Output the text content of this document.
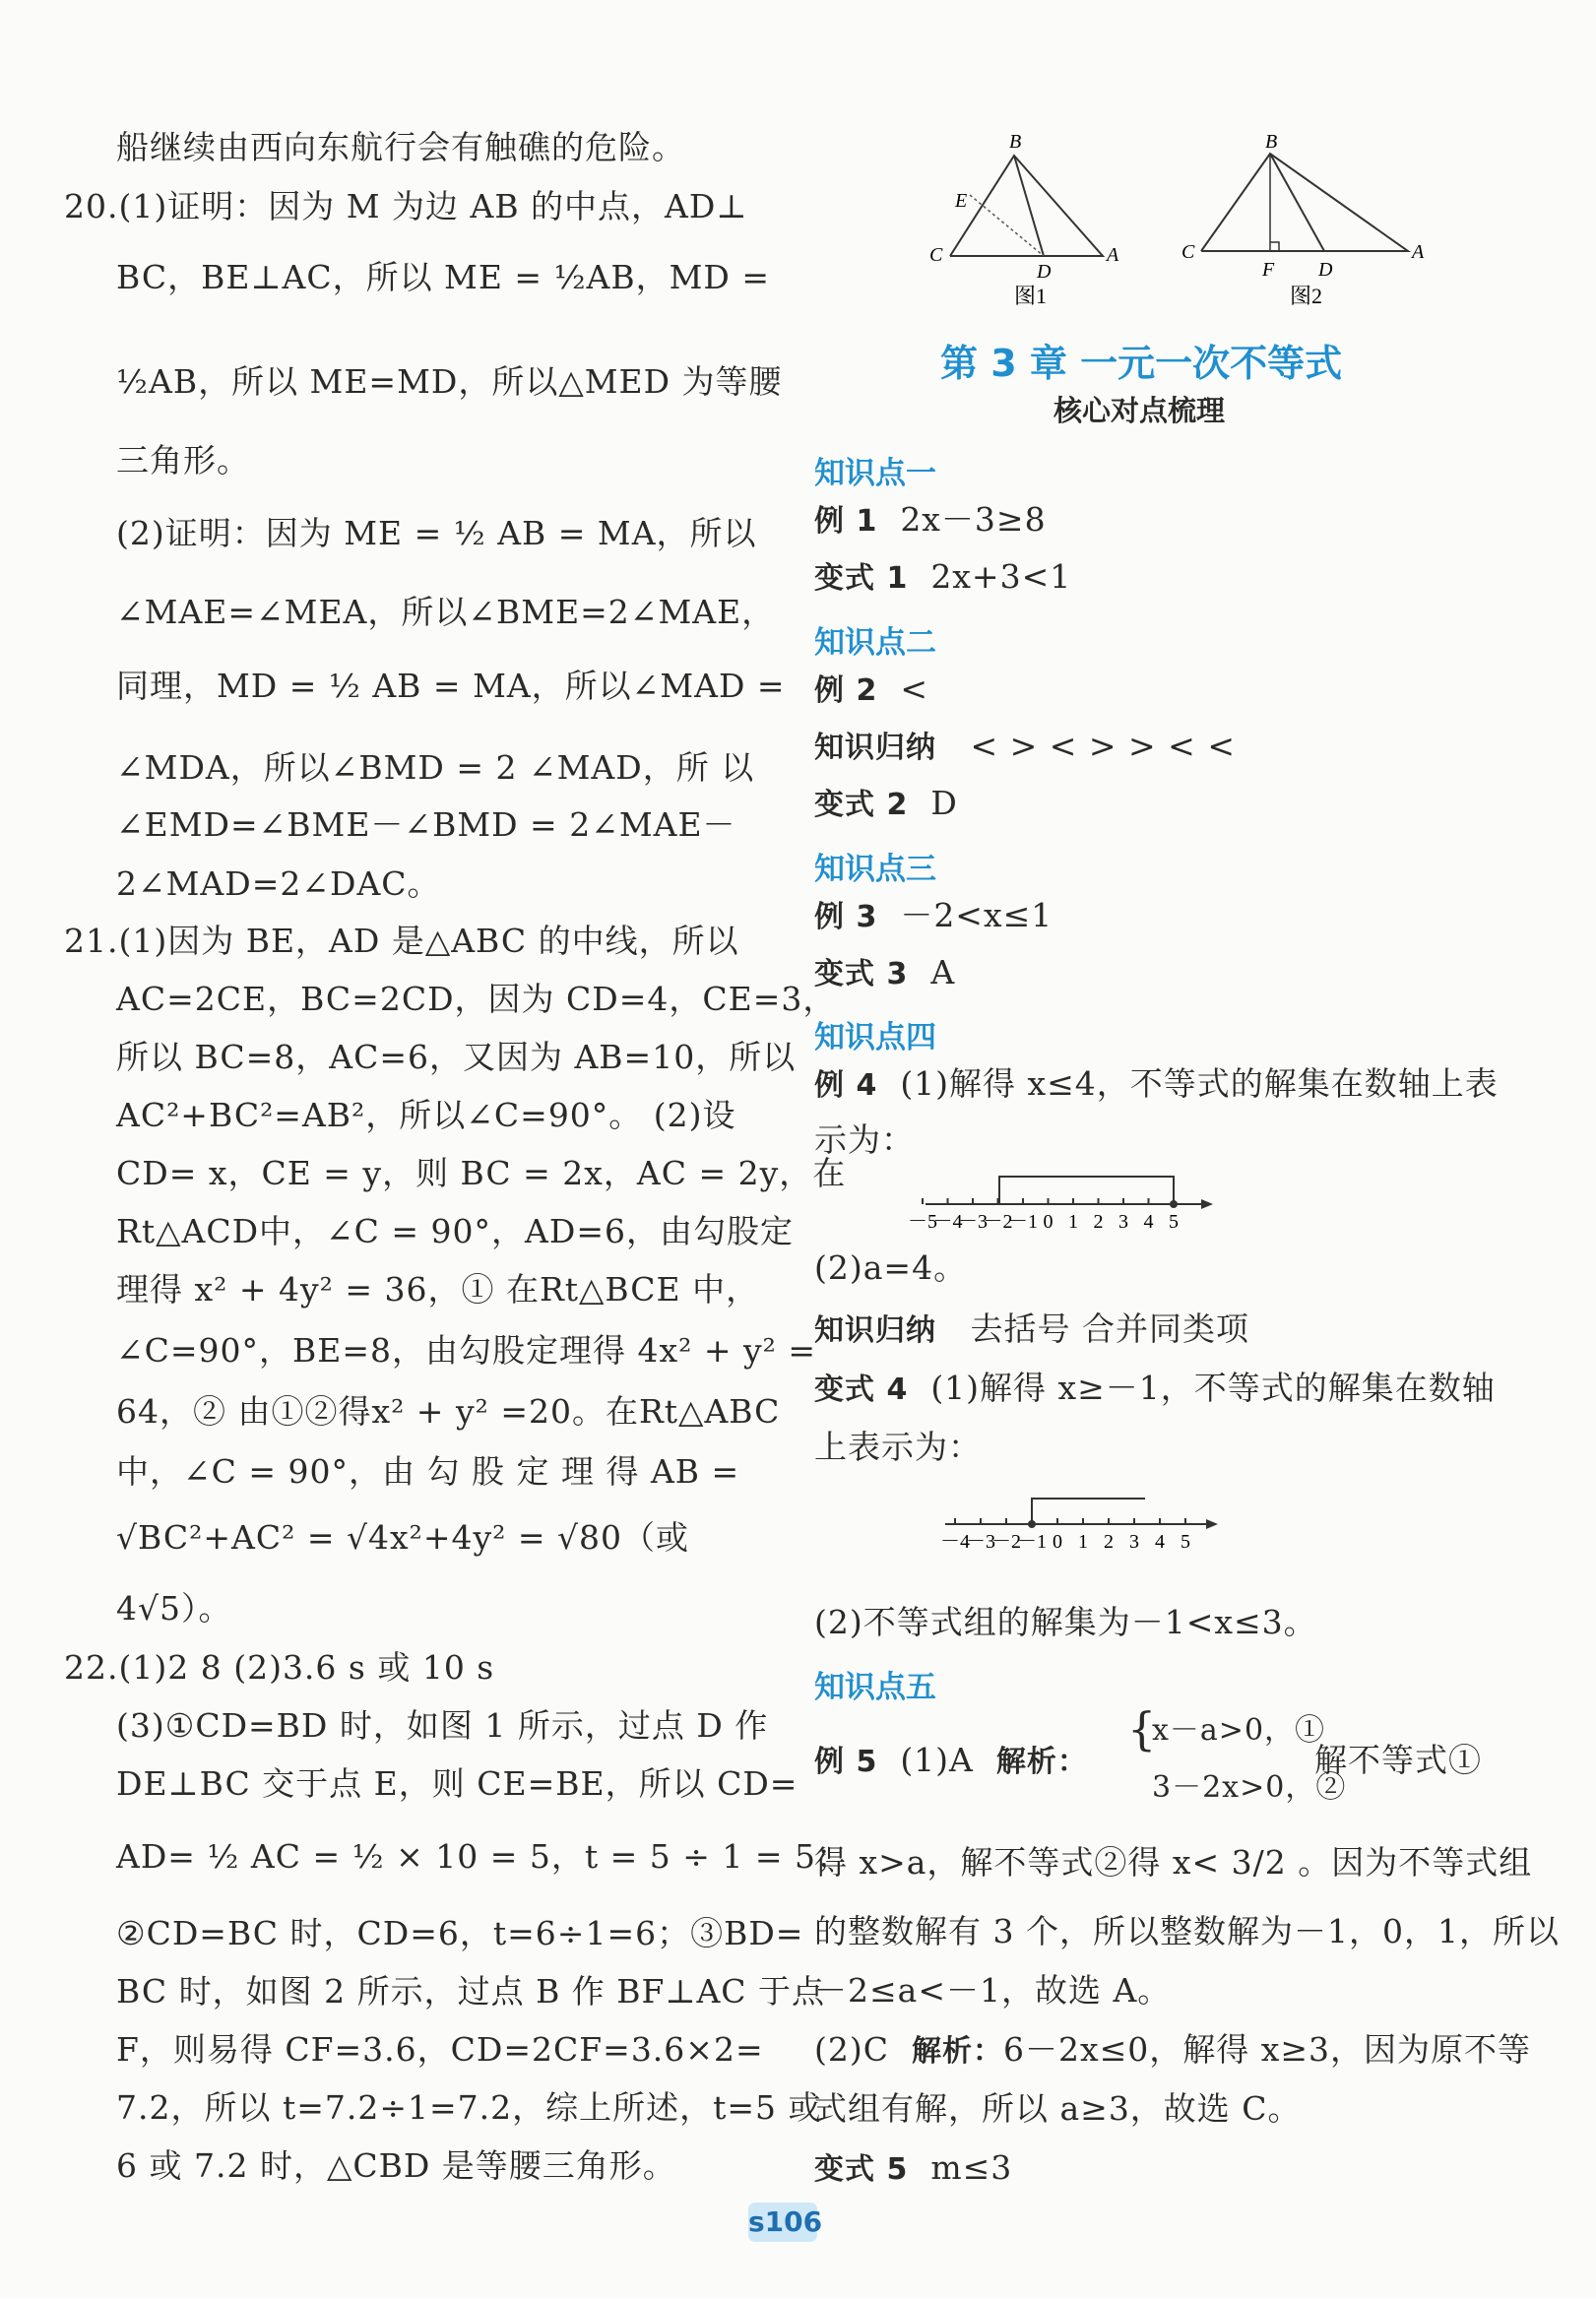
船继续由西向东航行会有触礁的危险。
20.(1)证明：因为 M 为边 AB 的中点，AD⊥
BC，BE⊥AC，所以 ME = ½AB，MD =
½AB，所以 ME=MD，所以△MED 为等腰
三角形。
(2)证明：因为 ME = ½ AB = MA，所以
∠MAE=∠MEA，所以∠BME=2∠MAE，
同理，MD = ½ AB = MA，所以∠MAD =
∠MDA，所以∠BMD = 2 ∠MAD，所 以
∠EMD=∠BME－∠BMD = 2∠MAE－
2∠MAD=2∠DAC。
21.(1)因为 BE，AD 是△ABC 的中线，所以
AC=2CE，BC=2CD，因为 CD=4，CE=3，
所以 BC=8，AC=6，又因为 AB=10，所以
AC²+BC²=AB²，所以∠C=90°。 (2)设
CD= x，CE = y，则 BC = 2x，AC = 2y，在
Rt△ACD中，∠C = 90°，AD=6，由勾股定
理得 x² + 4y² = 36，① 在Rt△BCE 中，
∠C=90°，BE=8，由勾股定理得 4x² + y² =
64，② 由①②得x² + y² =20。在Rt△ABC
中，∠C = 90°，由 勾 股 定 理 得 AB =
√BC²+AC² = √4x²+4y² = √80（或
4√5）。
22.(1)2 8 (2)3.6 s 或 10 s
(3)①CD=BD 时，如图 1 所示，过点 D 作
DE⊥BC 交于点 E，则 CE=BE，所以 CD=
AD= ½ AC = ½ × 10 = 5，t = 5 ÷ 1 = 5；
②CD=BC 时，CD=6，t=6÷1=6；③BD=
BC 时，如图 2 所示，过点 B 作 BF⊥AC 于点
F，则易得 CF=3.6，CD=2CF=3.6×2=
7.2，所以 t=7.2÷1=7.2，综上所述，t=5 或
6 或 7.2 时，△CBD 是等腰三角形。
B
E
C
D
A
图1
B
C
F D
A
图2
第 3 章 一元一次不等式
核心对点梳理
知识点一
例 1 2x－3≥8
变式 1 2x+3<1
知识点二
例 2 <
知识归纳 < > < > > < <
变式 2 D
知识点三
例 3 －2<x≤1
变式 3 A
知识点四
例 4 (1)解得 x≤4，不等式的解集在数轴上表
示为：
－5
－4
－3
－2
－1 0 1 2 3 4 5
(2)a=4。
知识归纳 去括号 合并同类项
变式 4 (1)解得 x≥－1，不等式的解集在数轴
上表示为：
－4
－3
－2
－1 0 1 2 3 4 5
(2)不等式组的解集为－1<x≤3。
知识点五
例 5 (1)A 解析：
{
x－a>0，①
3－2x>0，②
解不等式①
得 x>a，解不等式②得 x< 3/2 。因为不等式组
的整数解有 3 个，所以整数解为－1，0，1，所以
－2≤a<－1，故选 A。
(2)C 解析：6－2x≤0，解得 x≥3，因为原不等
式组有解，所以 a≥3，故选 C。
变式 5 m≤3
s106
